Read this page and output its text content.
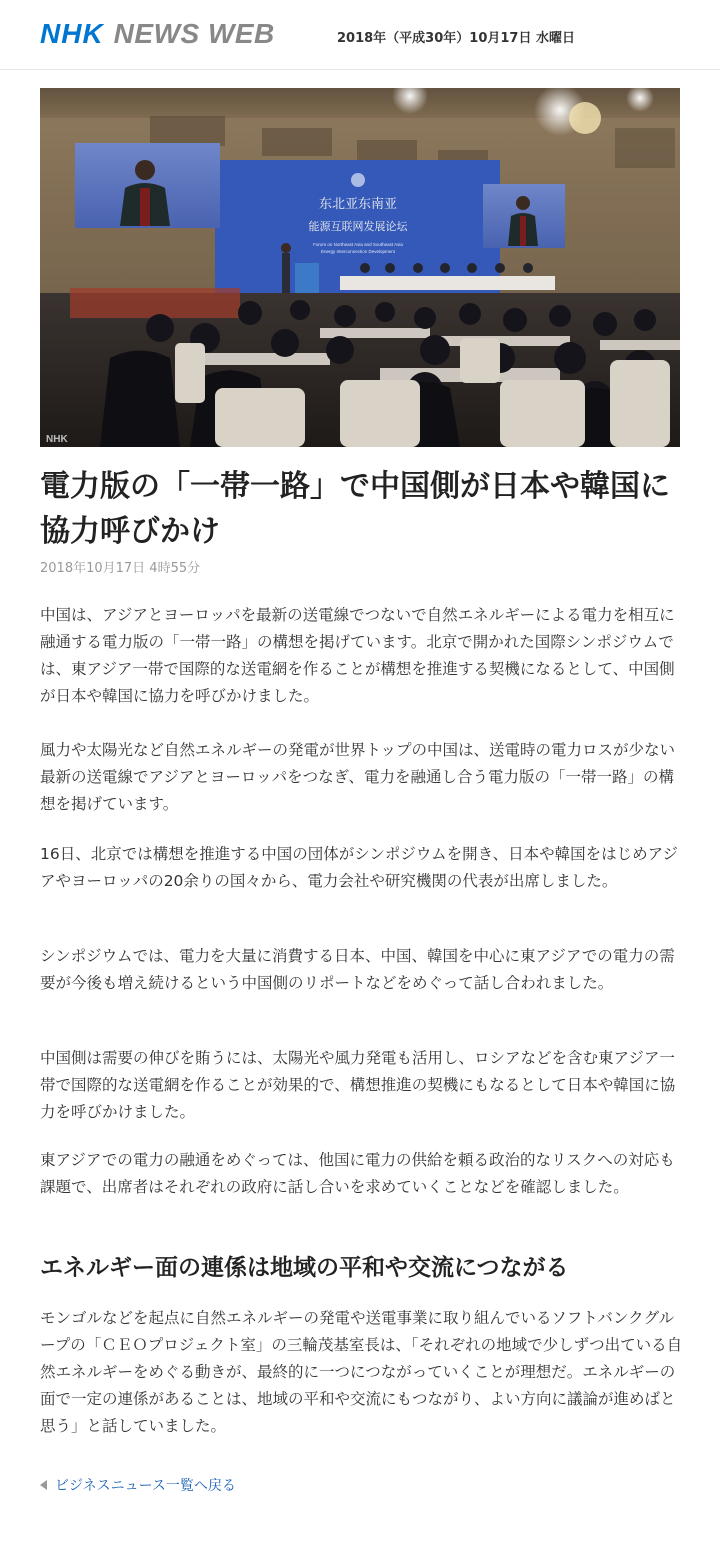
NHK NEWS WEB	2018年（平成30年）10月17日 水曜日
东北亚东南亚
能源互联网发展论坛
Forum on Northeast Asia and Southeast Asia
Energy Interconnection Development
NHK
電力版の「一帯一路」で中国側が日本や韓国に協力呼びかけ
2018年10月17日 4時55分

中国は、アジアとヨーロッパを最新の送電線でつないで自然エネルギーによる電力を相互に融通する電力版の「一帯一路」の構想を掲げています。北京で開かれた国際シンポジウムでは、東アジア一帯で国際的な送電網を作ることが構想を推進する契機になるとして、中国側が日本や韓国に協力を呼びかけました。

風力や太陽光など自然エネルギーの発電が世界トップの中国は、送電時の電力ロスが少ない最新の送電線でアジアとヨーロッパをつなぎ、電力を融通し合う電力版の「一帯一路」の構想を掲げています。

16日、北京では構想を推進する中国の団体がシンポジウムを開き、日本や韓国をはじめアジアやヨーロッパの20余りの国々から、電力会社や研究機関の代表が出席しました。

シンポジウムでは、電力を大量に消費する日本、中国、韓国を中心に東アジアでの電力の需要が今後も増え続けるという中国側のリポートなどをめぐって話し合われました。

中国側は需要の伸びを賄うには、太陽光や風力発電も活用し、ロシアなどを含む東アジア一帯で国際的な送電網を作ることが効果的で、構想推進の契機にもなるとして日本や韓国に協力を呼びかけました。

東アジアでの電力の融通をめぐっては、他国に電力の供給を頼る政治的なリスクへの対応も課題で、出席者はそれぞれの政府に話し合いを求めていくことなどを確認しました。

エネルギー面の連係は地域の平和や交流につながる

モンゴルなどを起点に自然エネルギーの発電や送電事業に取り組んでいるソフトバンクグループの「ＣＥＯプロジェクト室」の三輪茂基室長は、「それぞれの地域で少しずつ出ている自然エネルギーをめぐる動きが、最終的に一つにつながっていくことが理想だ。エネルギーの面で一定の連係があることは、地域の平和や交流にもつながり、よい方向に議論が進めばと思う」と話していました。

ビジネスニュース一覧へ戻る
